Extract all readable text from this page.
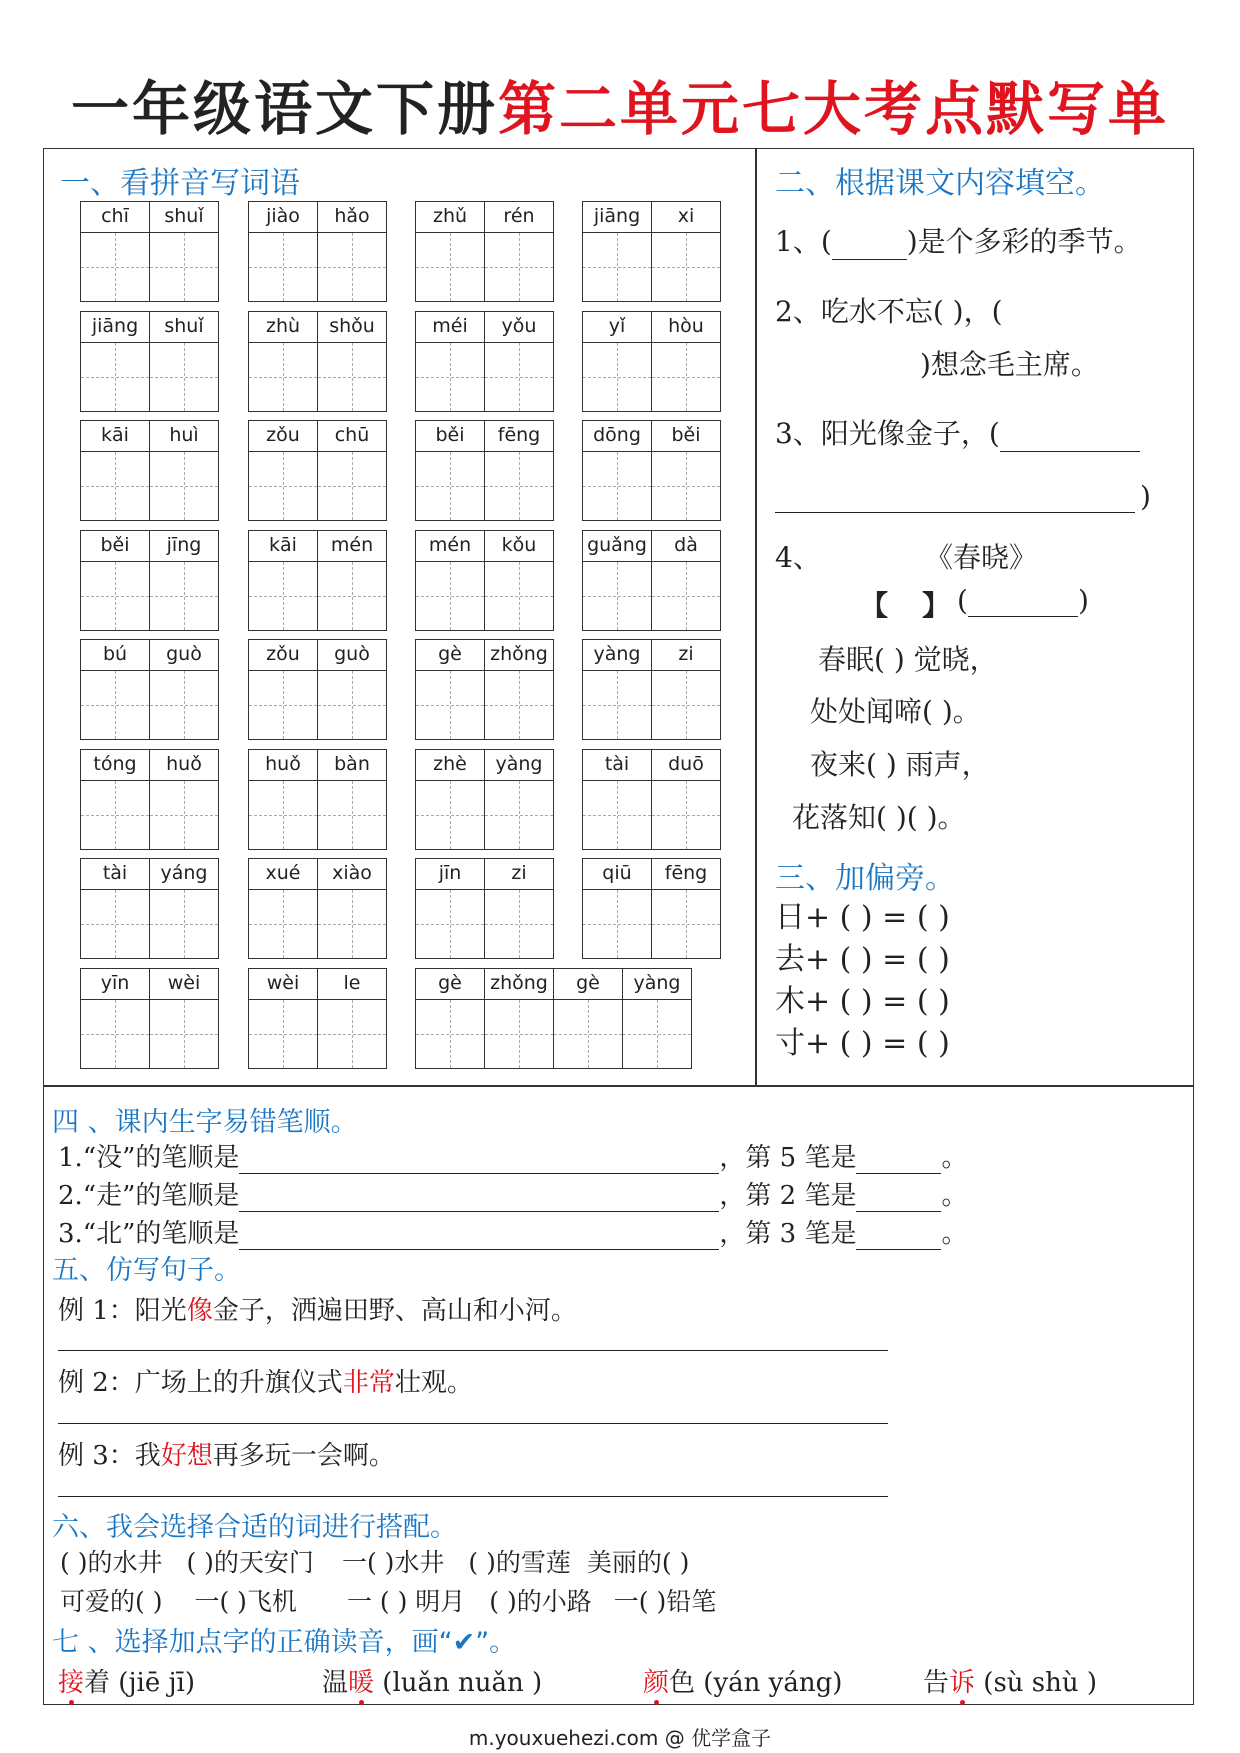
一年级语文下册第二单元七大考点默写单
一、看拼音写词语
chī	shuǐ	jiào	hǎo	zhǔ	rén	jiāng	xi
jiāng	shuǐ	zhù	shǒu	méi	yǒu	yǐ	hòu
kāi	huì	zǒu	chū	běi	fēng	dōng	běi
běi	jīng	kāi	mén	mén	kǒu	guǎng	dà
bú	guò	zǒu	guò	gè	zhǒng	yàng	zi
tóng	huǒ	huǒ	bàn	zhè	yàng	tài	duō
tài	yáng	xué	xiào	jīn	zi	qiū	fēng
yīn	wèi	wèi	le	gè	zhǒng	gè	yàng
二、根据课文内容填空。
1、(	)是个多彩的季节。
2、吃水不忘( )，(
)想念毛主席。
3、阳光像金子，(
)
4、	《春晓》
【 】 (	)
春眠( ) 觉晓，
处处闻啼( )。
夜来( ) 雨声，
花落知( )( )。
三、加偏旁。
日+ ( ) = ( )
去+ ( ) = ( )
木+ ( ) = ( )
寸+ ( ) = ( )
四 、课内生字易错笔顺。
1.“没”的笔顺是	，第 5 笔是	。
2.“走”的笔顺是	，第 2 笔是	。
3.“北”的笔顺是	，第 3 笔是	。
五、仿写句子。
例 1：阳光像金子，洒遍田野、高山和小河。
例 2：广场上的升旗仪式非常壮观。
例 3：我好想再多玩一会啊。
六、我会选择合适的词进行搭配。
( )的水井 ( )的天安门 一( )水井 ( )的雪莲 美丽的( )
可爱的( ) 一( )飞机 一 ( ) 明月 ( )的小路 一( )铅笔
七 、选择加点字的正确读音，画“✔”。
接着 (jiē jī)	温暖 (luǎn nuǎn )	颜色 (yán yáng)	告诉 (sù shù )
m.youxuehezi.com @ 优学盒子
